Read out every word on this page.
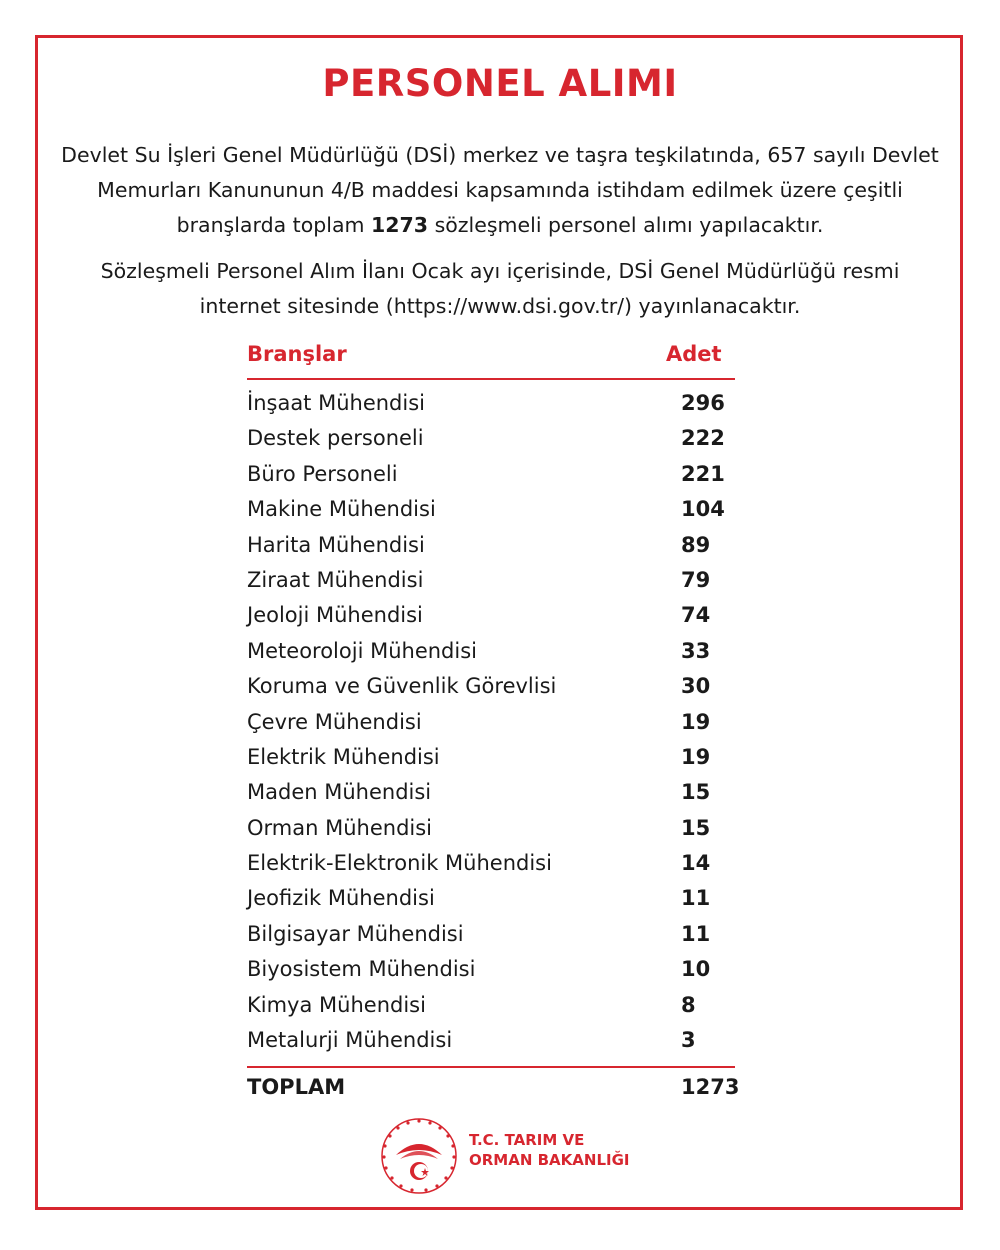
PERSONEL ALIMI
Devlet Su İşleri Genel Müdürlüğü (DSİ) merkez ve taşra teşkilatında, 657 sayılı Devlet Memurları Kanununun 4/B maddesi kapsamında istihdam edilmek üzere çeşitli branşlarda toplam 1273 sözleşmeli personel alımı yapılacaktır.
Sözleşmeli Personel Alım İlanı Ocak ayı içerisinde, DSİ Genel Müdürlüğü resmi internet sitesinde (https://www.dsi.gov.tr/) yayınlanacaktır.
Branşlar	Adet
İnşaat Mühendisi	296
Destek personeli	222
Büro Personeli	221
Makine Mühendisi	104
Harita Mühendisi	89
Ziraat Mühendisi	79
Jeoloji Mühendisi	74
Meteoroloji Mühendisi	33
Koruma ve Güvenlik Görevlisi	30
Çevre Mühendisi	19
Elektrik Mühendisi	19
Maden Mühendisi	15
Orman Mühendisi	15
Elektrik-Elektronik Mühendisi	14
Jeofizik Mühendisi	11
Bilgisayar Mühendisi	11
Biyosistem Mühendisi	10
Kimya Mühendisi	8
Metalurji Mühendisi	3
TOPLAM	1273
T.C. TARIM VE
ORMAN BAKANLIĞI
